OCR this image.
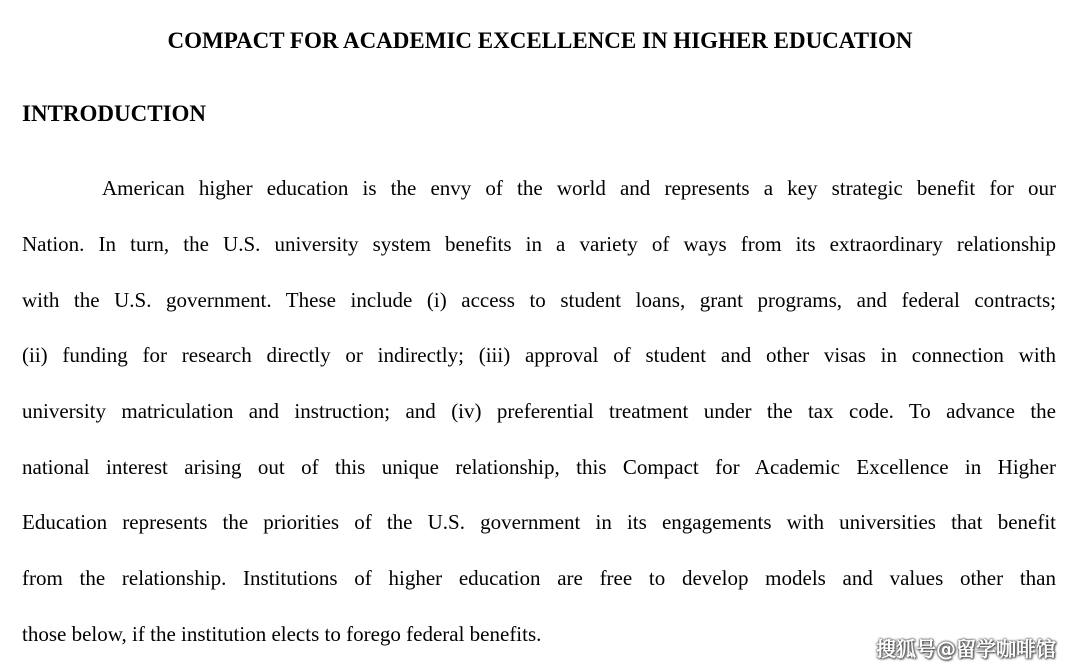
COMPACT FOR ACADEMIC EXCELLENCE IN HIGHER EDUCATION
INTRODUCTION
American higher education is the envy of the world and represents a key strategic benefit for our
Nation. In turn, the U.S. university system benefits in a variety of ways from its extraordinary relationship
with the U.S. government. These include (i) access to student loans, grant programs, and federal contracts;
(ii) funding for research directly or indirectly; (iii) approval of student and other visas in connection with
university matriculation and instruction; and (iv) preferential treatment under the tax code. To advance the
national interest arising out of this unique relationship, this Compact for Academic Excellence in Higher
Education represents the priorities of the U.S. government in its engagements with universities that benefit
from the relationship. Institutions of higher education are free to develop models and values other than
those below, if the institution elects to forego federal benefits.
搜狐号@留学咖啡馆
